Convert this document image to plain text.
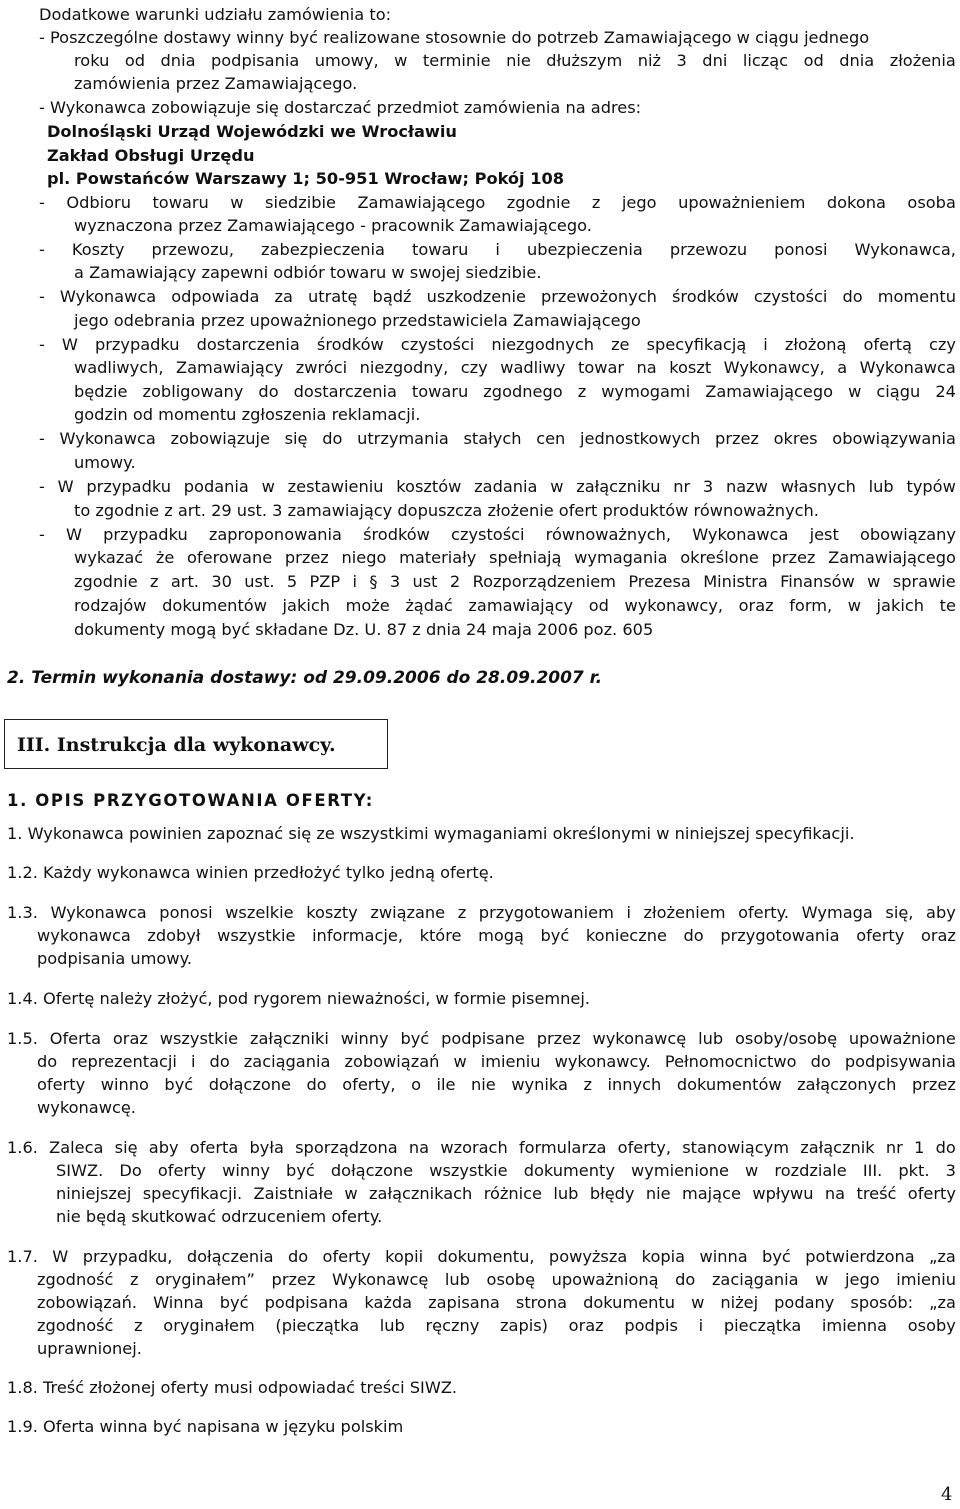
Dodatkowe warunki udziału zamówienia to:
- Poszczególne dostawy winny być realizowane stosownie do potrzeb Zamawiającego w ciągu jednego
roku od dnia podpisania umowy, w terminie nie dłuższym niż 3 dni licząc od dnia złożenia
zamówienia przez Zamawiającego.
- Wykonawca zobowiązuje się dostarczać przedmiot zamówienia na adres:
Dolnośląski Urząd Wojewódzki we Wrocławiu
Zakład Obsługi Urzędu
pl. Powstańców Warszawy 1; 50-951 Wrocław; Pokój 108
- Odbioru towaru w siedzibie Zamawiającego zgodnie z jego upoważnieniem dokona osoba
wyznaczona przez Zamawiającego - pracownik Zamawiającego.
- Koszty przewozu, zabezpieczenia towaru i ubezpieczenia przewozu ponosi Wykonawca,
a Zamawiający zapewni odbiór towaru w swojej siedzibie.
- Wykonawca odpowiada za utratę bądź uszkodzenie przewożonych środków czystości do momentu
jego odebrania przez upoważnionego przedstawiciela Zamawiającego
- W przypadku dostarczenia środków czystości niezgodnych ze specyfikacją i złożoną ofertą czy
wadliwych, Zamawiający zwróci niezgodny, czy wadliwy towar na koszt Wykonawcy, a Wykonawca
będzie zobligowany do dostarczenia towaru zgodnego z wymogami Zamawiającego w ciągu 24
godzin od momentu zgłoszenia reklamacji.
- Wykonawca zobowiązuje się do utrzymania stałych cen jednostkowych przez okres obowiązywania
umowy.
- W przypadku podania w zestawieniu kosztów zadania w załączniku nr 3 nazw własnych lub typów
to zgodnie z art. 29 ust. 3 zamawiający dopuszcza złożenie ofert produktów równoważnych.
- W przypadku zaproponowania środków czystości równoważnych, Wykonawca jest obowiązany
wykazać że oferowane przez niego materiały spełniają wymagania określone przez Zamawiającego
zgodnie z art. 30 ust. 5 PZP i § 3 ust 2 Rozporządzeniem Prezesa Ministra Finansów w sprawie
rodzajów dokumentów jakich może żądać zamawiający od wykonawcy, oraz form, w jakich te
dokumenty mogą być składane Dz. U. 87 z dnia 24 maja 2006 poz. 605
2. Termin wykonania dostawy: od 29.09.2006 do 28.09.2007 r.
III. Instrukcja dla wykonawcy.
1. OPIS PRZYGOTOWANIA OFERTY:
1. Wykonawca powinien zapoznać się ze wszystkimi wymaganiami określonymi w niniejszej specyfikacji.
1.2. Każdy wykonawca winien przedłożyć tylko jedną ofertę.
1.3. Wykonawca ponosi wszelkie koszty związane z przygotowaniem i złożeniem oferty. Wymaga się, aby
wykonawca zdobył wszystkie informacje, które mogą być konieczne do przygotowania oferty oraz
podpisania umowy.
1.4. Ofertę należy złożyć, pod rygorem nieważności, w formie pisemnej.
1.5. Oferta oraz wszystkie załączniki winny być podpisane przez wykonawcę lub osoby/osobę upoważnione
do reprezentacji i do zaciągania zobowiązań w imieniu wykonawcy. Pełnomocnictwo do podpisywania
oferty winno być dołączone do oferty, o ile nie wynika z innych dokumentów załączonych przez
wykonawcę.
1.6. Zaleca się aby oferta była sporządzona na wzorach formularza oferty, stanowiącym załącznik nr 1 do
SIWZ. Do oferty winny być dołączone wszystkie dokumenty wymienione w rozdziale III. pkt. 3
niniejszej specyfikacji. Zaistniałe w załącznikach różnice lub błędy nie mające wpływu na treść oferty
nie będą skutkować odrzuceniem oferty.
1.7. W przypadku, dołączenia do oferty kopii dokumentu, powyższa kopia winna być potwierdzona „za
zgodność z oryginałem” przez Wykonawcę lub osobę upoważnioną do zaciągania w jego imieniu
zobowiązań. Winna być podpisana każda zapisana strona dokumentu w niżej podany sposób: „za
zgodność z oryginałem (pieczątka lub ręczny zapis) oraz podpis i pieczątka imienna osoby
uprawnionej.
1.8. Treść złożonej oferty musi odpowiadać treści SIWZ.
1.9. Oferta winna być napisana w języku polskim
4
